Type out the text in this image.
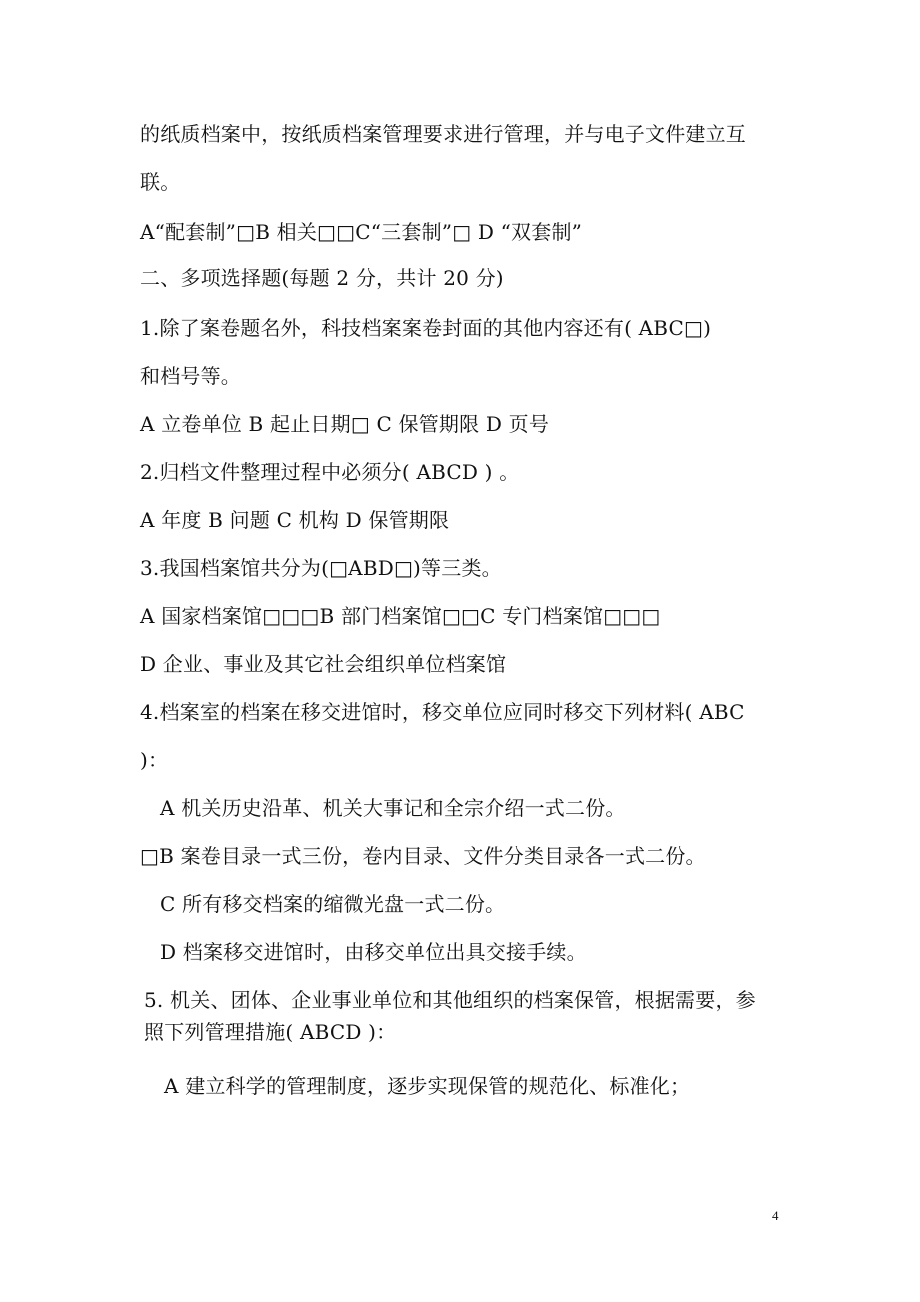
的纸质档案中，按纸质档案管理要求进行管理，并与电子文件建立互
联。
A“配套制”□B 相关□□C“三套制”□ D “双套制”
二、多项选择题(每题 2 分，共计 20 分)
1.除了案卷题名外，科技档案案卷封面的其他内容还有( ABC□)
和档号等。
A 立卷单位 B 起止日期□ C 保管期限 D 页号
2.归档文件整理过程中必须分( ABCD ) 。
A 年度 B 问题 C 机构 D 保管期限
3.我国档案馆共分为(□ABD□)等三类。
A 国家档案馆□□□B 部门档案馆□□C 专门档案馆□□□
D 企业、事业及其它社会组织单位档案馆
4.档案室的档案在移交进馆时，移交单位应同时移交下列材料( ABC
)：
A 机关历史沿革、机关大事记和全宗介绍一式二份。
□B 案卷目录一式三份，卷内目录、文件分类目录各一式二份。
C 所有移交档案的缩微光盘一式二份。
D 档案移交进馆时，由移交单位出具交接手续。
5. 机关、团体、企业事业单位和其他组织的档案保管，根据需要，参
照下列管理措施( ABCD )：
A 建立科学的管理制度，逐步实现保管的规范化、标准化；
4
